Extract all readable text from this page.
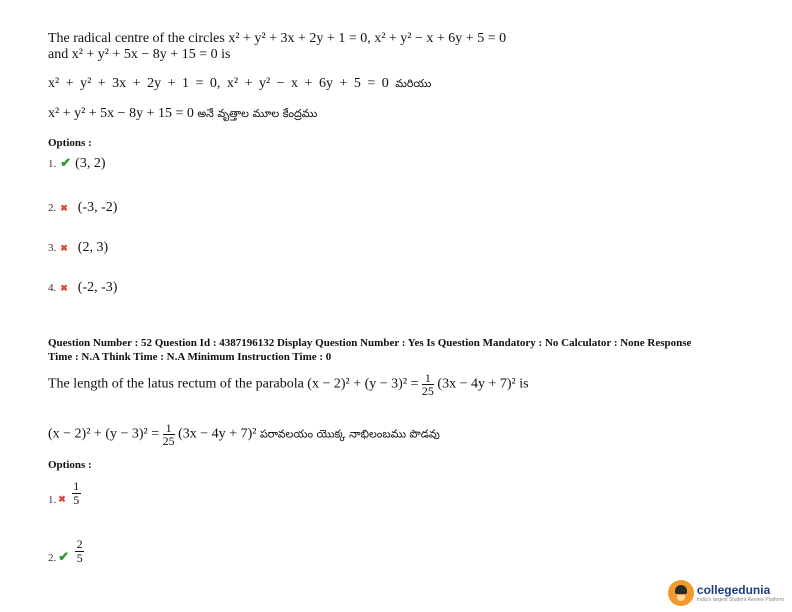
The radical centre of the circles x² + y² + 3x + 2y + 1 = 0, x² + y² − x + 6y + 5 = 0
and x² + y² + 5x − 8y + 15 = 0 is
x² + y² + 3x + 2y + 1 = 0, x² + y² − x + 6y + 5 = 0 మరియు
x² + y² + 5x − 8y + 15 = 0 అనే వృత్తాల మూల కేంద్రము
Options :
1. ✔ (3, 2)
2. ✖ (-3, -2)
3. ✖ (2, 3)
4. ✖ (-2, -3)
Question Number : 52 Question Id : 4387196132 Display Question Number : Yes Is Question Mandatory : No Calculator : None Response
Time : N.A Think Time : N.A Minimum Instruction Time : 0
The length of the latus rectum of the parabola $(x - 2)^2 + (y - 3)^2 = \frac{1}{25} (3x - 4y + 7)^2$ is
$(x - 2)^2 + (y - 3)^2 = \frac{1}{25} (3x - 4y + 7)^2$ పరావలయం యొక్క నాభిలంబము పొడవు
Options :
1. ✖ $\frac{1}{5}$
2. ✔ $\frac{2}{5}$
collegedunia
India's largest Student Review Platform
